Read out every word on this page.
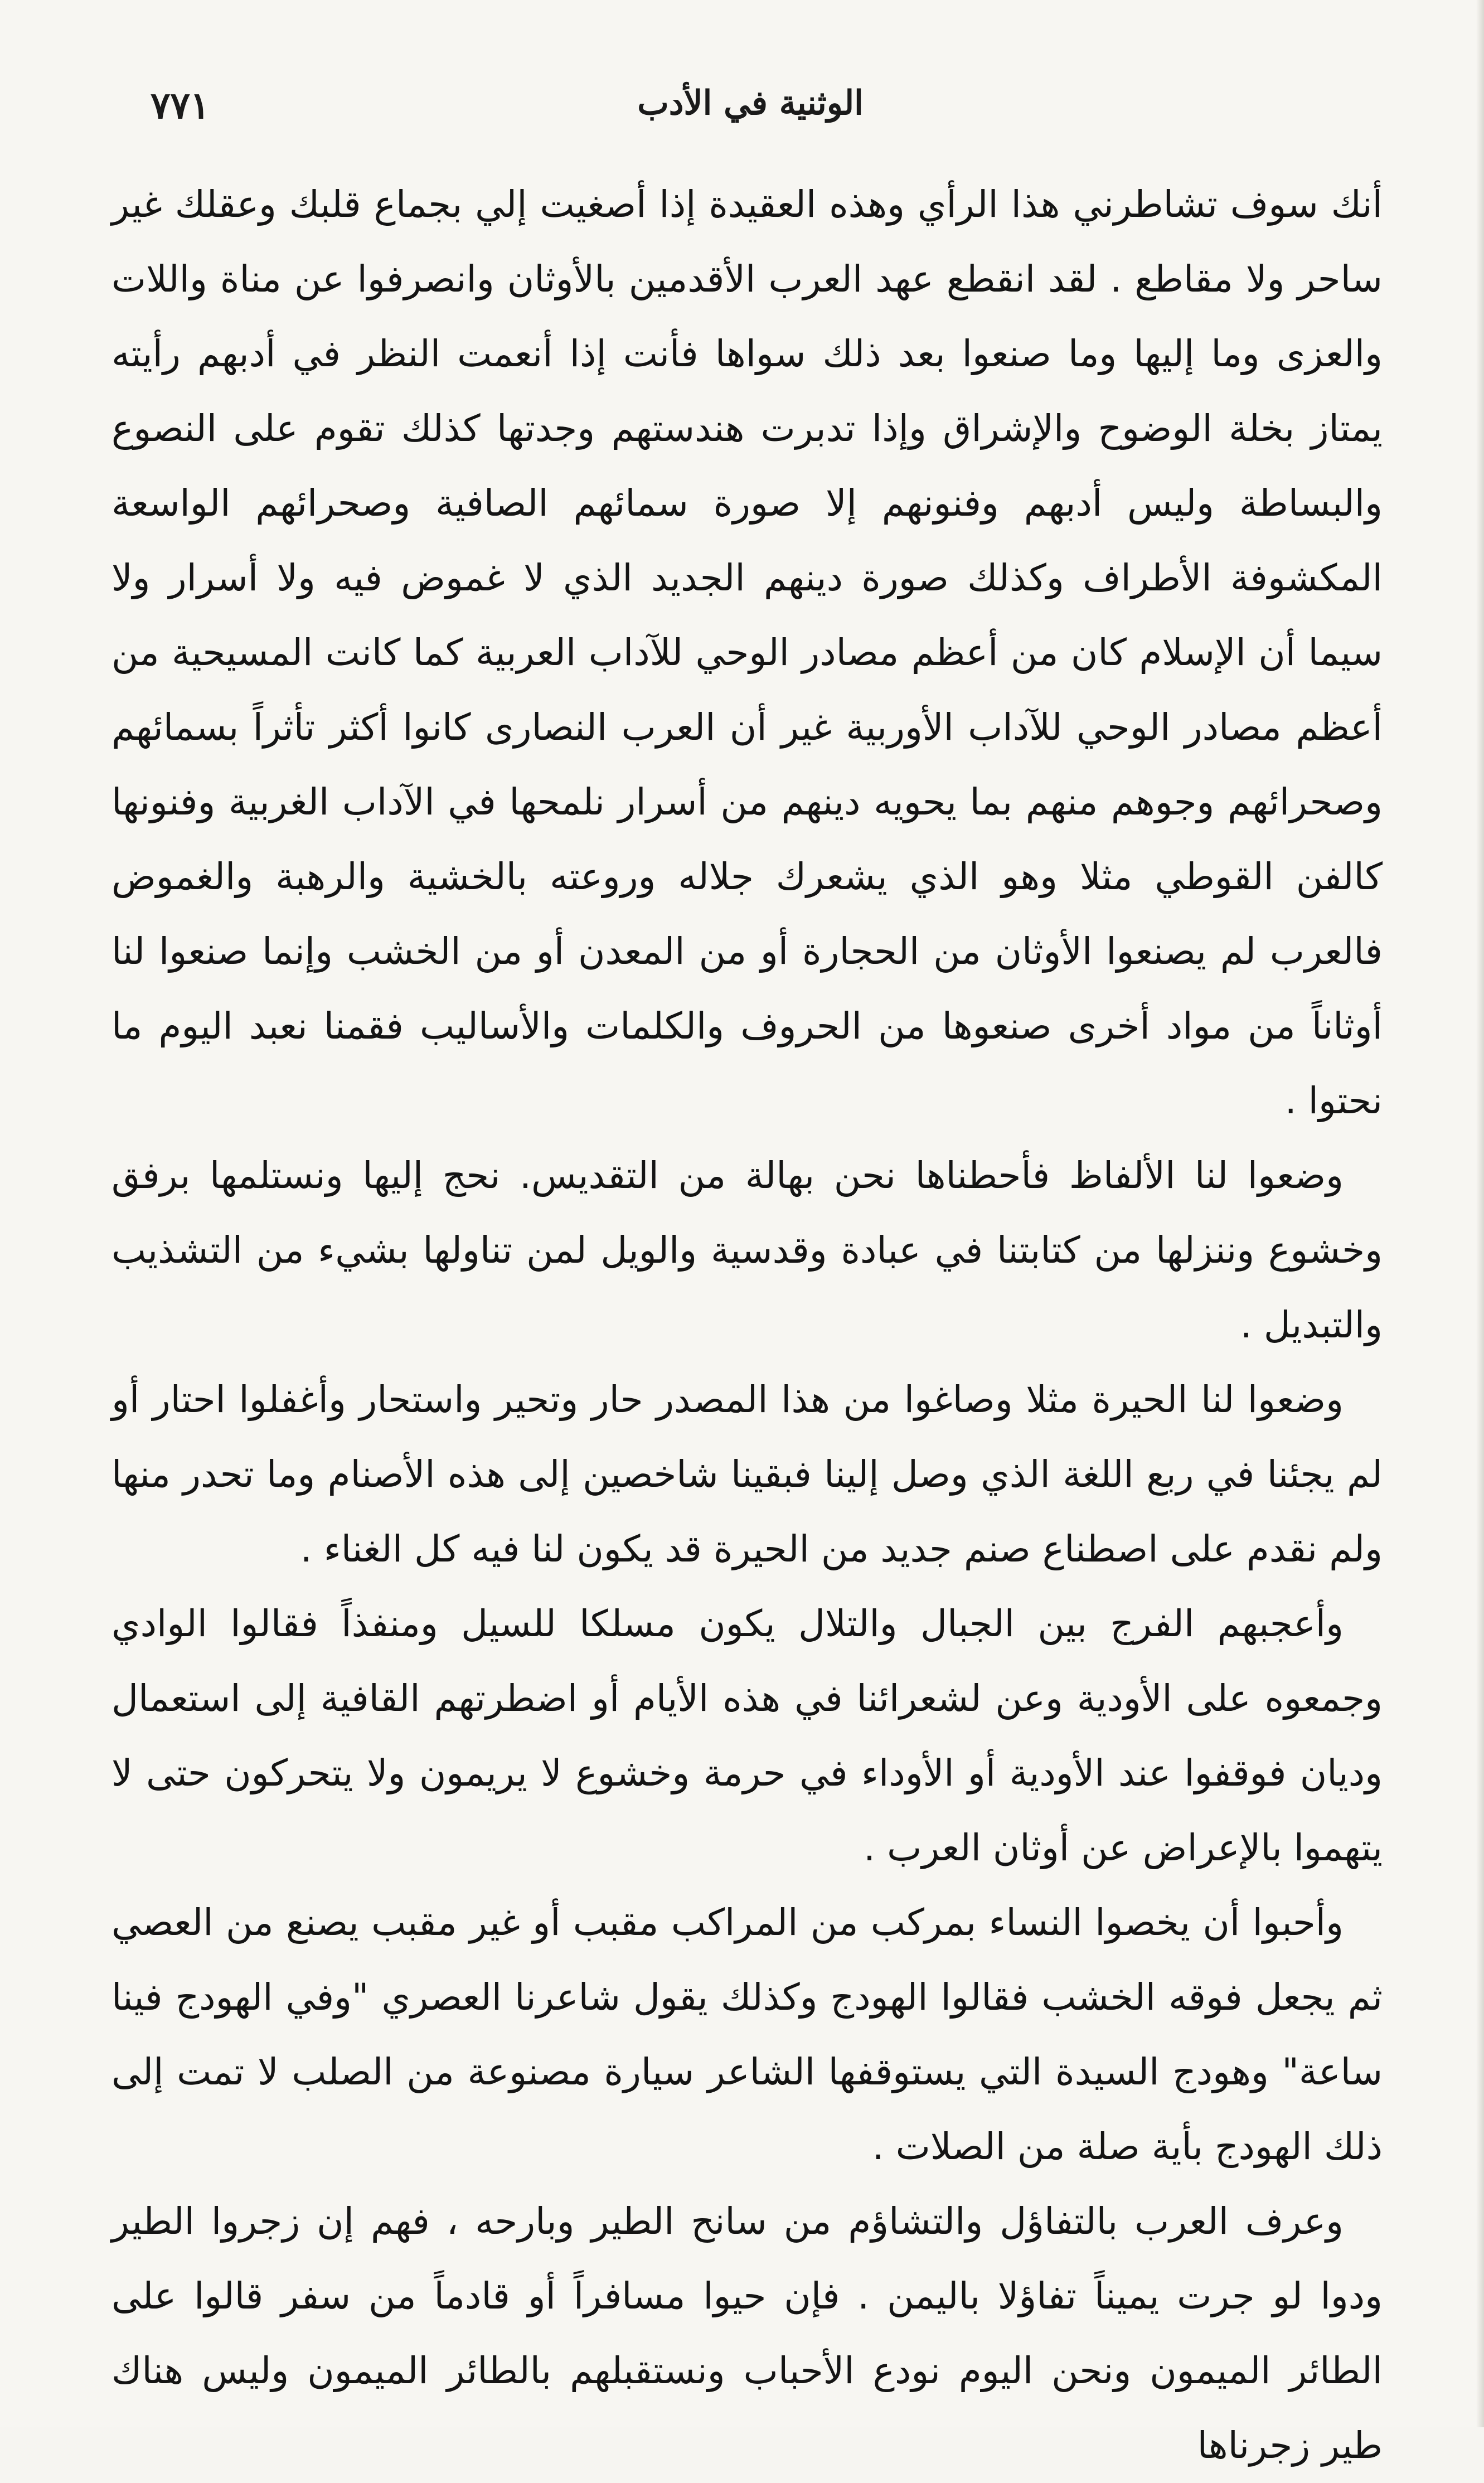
الوثنية في الأدب
٧٧١

أنك سوف تشاطرني هذا الرأي وهذه العقيدة إذا أصغيت إلي بجماع قلبك وعقلك غير ساحر ولا مقاطع . لقد انقطع عهد العرب الأقدمين بالأوثان وانصرفوا عن مناة واللات والعزى وما إليها وما صنعوا بعد ذلك سواها فأنت إذا أنعمت النظر في أدبهم رأيته يمتاز بخلة الوضوح والإشراق وإذا تدبرت هندستهم وجدتها كذلك تقوم على النصوع والبساطة وليس أدبهم وفنونهم إلا صورة سمائهم الصافية وصحرائهم الواسعة المكشوفة الأطراف وكذلك صورة دينهم الجديد الذي لا غموض فيه ولا أسرار ولا سيما أن الإسلام كان من أعظم مصادر الوحي للآداب العربية كما كانت المسيحية من أعظم مصادر الوحي للآداب الأوربية غير أن العرب النصارى كانوا أكثر تأثراً بسمائهم وصحرائهم وجوهم منهم بما يحويه دينهم من أسرار نلمحها في الآداب الغربية وفنونها كالفن القوطي مثلا وهو الذي يشعرك جلاله وروعته بالخشية والرهبة والغموض فالعرب لم يصنعوا الأوثان من الحجارة أو من المعدن أو من الخشب وإنما صنعوا لنا أوثاناً من مواد أخرى صنعوها من الحروف والكلمات والأساليب فقمنا نعبد اليوم ما نحتوا .

وضعوا لنا الألفاظ فأحطناها نحن بهالة من التقديس. نحج إليها ونستلمها برفق وخشوع وننزلها من كتابتنا في عبادة وقدسية والويل لمن تناولها بشيء من التشذيب والتبديل .

وضعوا لنا الحيرة مثلا وصاغوا من هذا المصدر حار وتحير واستحار وأغفلوا احتار أو لم يجئنا في ربع اللغة الذي وصل إلينا فبقينا شاخصين إلى هذه الأصنام وما تحدر منها ولم نقدم على اصطناع صنم جديد من الحيرة قد يكون لنا فيه كل الغناء .

وأعجبهم الفرج بين الجبال والتلال يكون مسلكا للسيل ومنفذاً فقالوا الوادي وجمعوه على الأودية وعن لشعرائنا في هذه الأيام أو اضطرتهم القافية إلى استعمال وديان فوقفوا عند الأودية أو الأوداء في حرمة وخشوع لا يريمون ولا يتحركون حتى لا يتهموا بالإعراض عن أوثان العرب .

وأحبوا أن يخصوا النساء بمركب من المراكب مقبب أو غير مقبب يصنع من العصي ثم يجعل فوقه الخشب فقالوا الهودج وكذلك يقول شاعرنا العصري "وفي الهودج فينا ساعة" وهودج السيدة التي يستوقفها الشاعر سيارة مصنوعة من الصلب لا تمت إلى ذلك الهودج بأية صلة من الصلات .

وعرف العرب بالتفاؤل والتشاؤم من سانح الطير وبارحه ، فهم إن زجروا الطير ودوا لو جرت يميناً تفاؤلا باليمن . فإن حيوا مسافراً أو قادماً من سفر قالوا على الطائر الميمون ونحن اليوم نودع الأحباب ونستقبلهم بالطائر الميمون وليس هناك طير زجرناها
